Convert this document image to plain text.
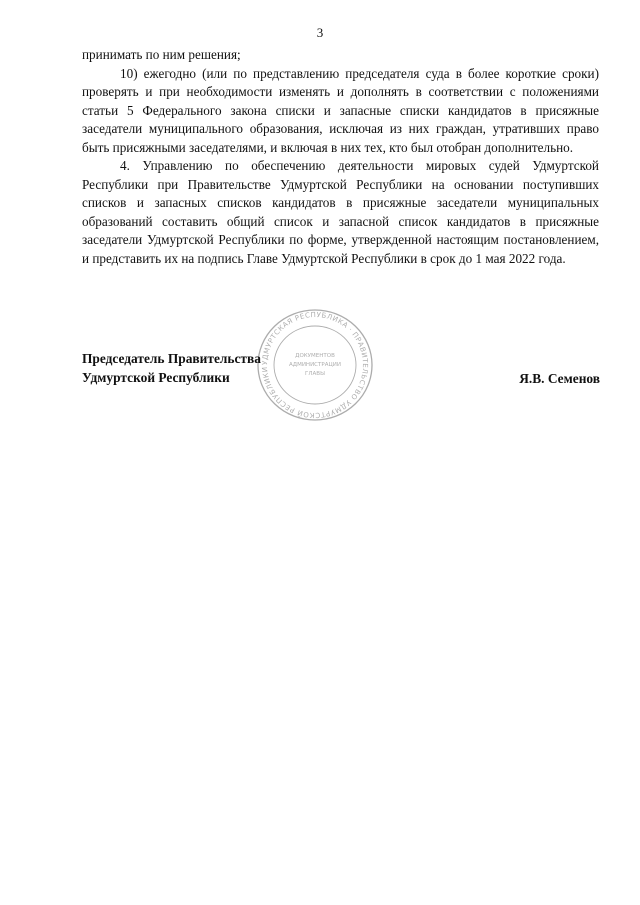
3

принимать по ним решения;

10) ежегодно (или по представлению председателя суда в более короткие сроки) проверять и при необходимости изменять и дополнять в соответствии с положениями статьи 5 Федерального закона списки и запасные списки кандидатов в присяжные заседатели муниципального образования, исключая из них граждан, утративших право быть присяжными заседателями, и включая в них тех, кто был отобран дополнительно.

4. Управлению по обеспечению деятельности мировых судей Удмуртской Республики при Правительстве Удмуртской Республики на основании поступивших списков и запасных списков кандидатов в присяжные заседатели муниципальных образований составить общий список и запасной список кандидатов в присяжные заседатели Удмуртской Республики по форме, утвержденной настоящим постановлением, и представить их на подпись Главе Удмуртской Республики в срок до 1 мая 2022 года.

УДМУРТСКАЯ РЕСПУБЛИКА · ПРАВИТЕЛЬСТВО УДМУРТСКОЙ РЕСПУБЛИКИ
ДОКУМЕНТОВ
АДМИНИСТРАЦИИ
ГЛАВЫ
Председатель Правительства
Удмуртской Республики	Я.В. Семенов
